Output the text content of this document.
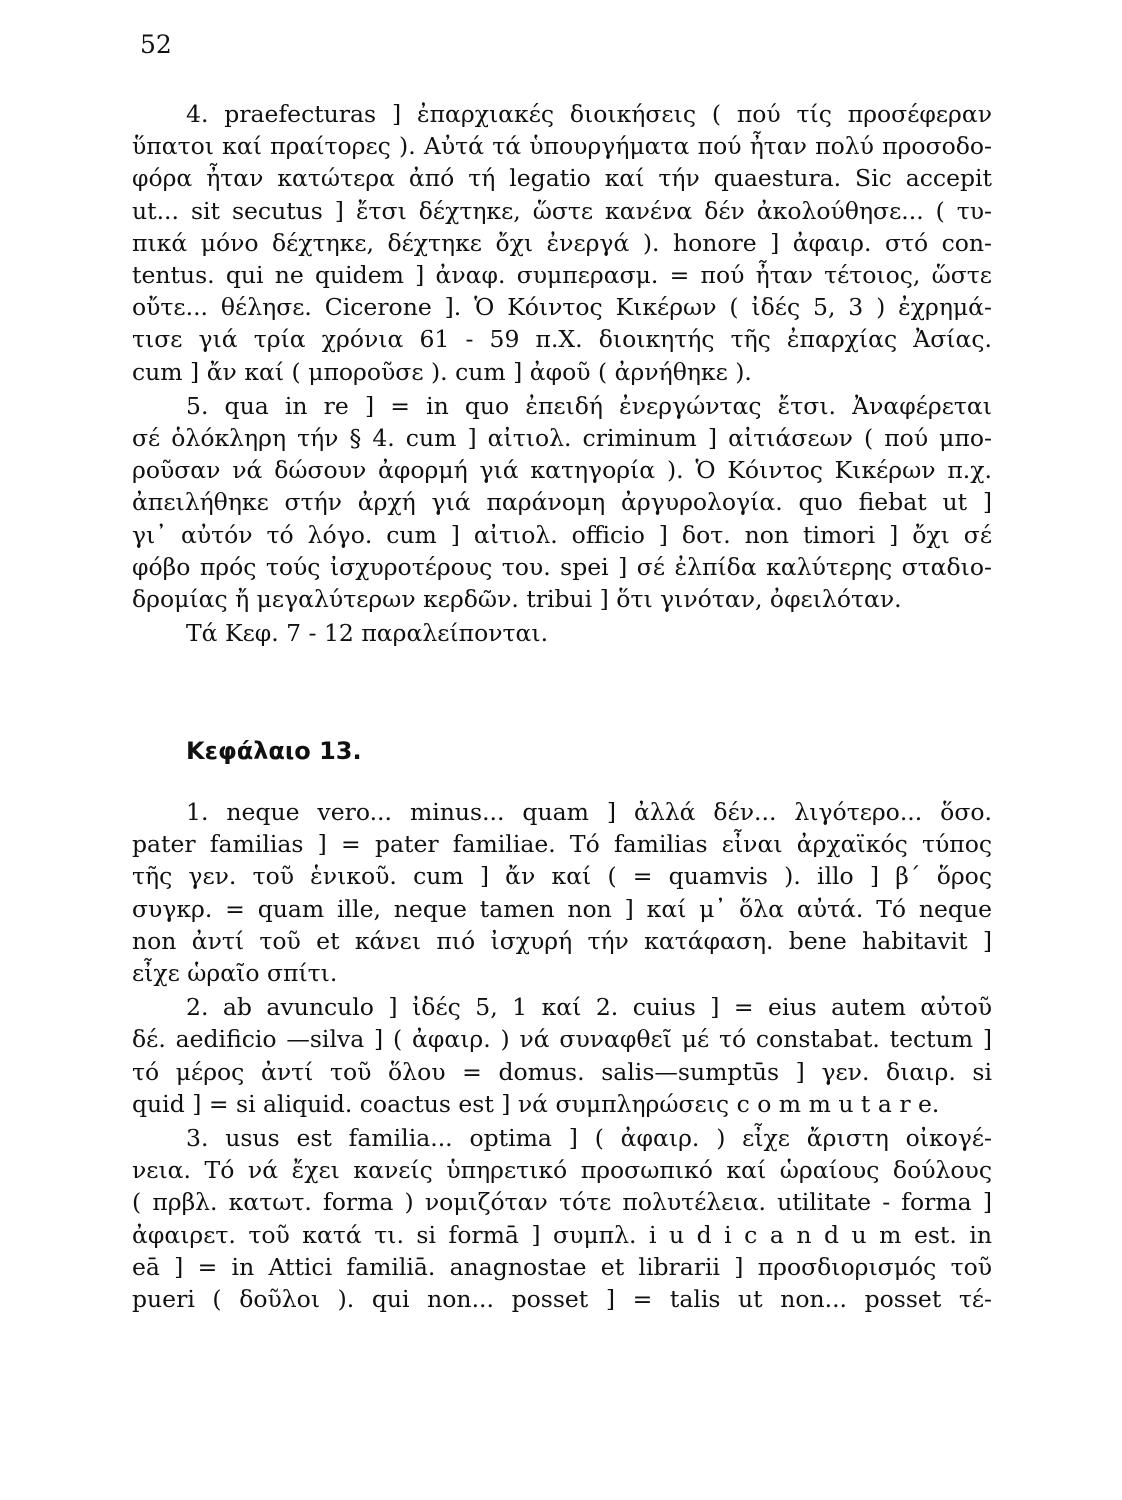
52
4. praefecturas ] ἐπαρχιακές διοικήσεις ( πού τίς προσέφεραν
ὕπατοι καί πραίτορες ). Αὐτά τά ὑπουργήματα πού ἦταν πολύ προσοδο-
φόρα ἦταν κατώτερα ἀπό τή legatio καί τήν quaestura. Sic accepit
ut... sit secutus ] ἔτσι δέχτηκε, ὥστε κανένα δέν ἀκολούθησε... ( τυ-
πικά μόνο δέχτηκε, δέχτηκε ὄχι ἐνεργά ). honore ] ἀφαιρ. στό con-
tentus. qui ne quidem ] ἀναφ. συμπερασμ. = πού ἦταν τέτοιος, ὥστε
οὔτε... θέλησε. Cicerone ]. Ὁ Κόιντος Κικέρων ( ἰδές 5, 3 ) ἐχρημά-
τισε γιά τρία χρόνια 61 - 59 π.Χ. διοικητής τῆς ἐπαρχίας Ἀσίας.
cum ] ἄν καί ( μποροῦσε ). cum ] ἀφοῦ ( ἀρνήθηκε ).
5. qua in re ] = in quo ἐπειδή ἐνεργώντας ἔτσι. Ἀναφέρεται
σέ ὁλόκληρη τήν § 4. cum ] αἰτιολ. criminum ] αἰτιάσεων ( πού μπο-
ροῦσαν νά δώσουν ἀφορμή γιά κατηγορία ). Ὁ Κόιντος Κικέρων π.χ.
ἀπειλήθηκε στήν ἀρχή γιά παράνομη ἀργυρολογία. quo fiebat ut ]
γι᾽ αὐτόν τό λόγο. cum ] αἰτιολ. officio ] δοτ. non timori ] ὄχι σέ
φόβο πρός τούς ἰσχυροτέρους του. spei ] σέ ἐλπίδα καλύτερης σταδιο-
δρομίας ἤ μεγαλύτερων κερδῶν. tribui ] ὅτι γινόταν, ὀφειλόταν.
Τά Κεφ. 7 - 12 παραλείπονται.
Κεφάλαιο 13.
1. neque vero... minus... quam ] ἀλλά δέν... λιγότερο... ὅσο.
pater familias ] = pater familiae. Τό familias εἶναι ἀρχαϊκός τύπος
τῆς γεν. τοῦ ἑνικοῦ. cum ] ἄν καί ( = quamvis ). illo ] β΄ ὅρος
συγκρ. = quam ille, neque tamen non ] καί μ᾽ ὅλα αὐτά. Τό neque
non ἀντί τοῦ et κάνει πιό ἰσχυρή τήν κατάφαση. bene habitavit ]
εἶχε ὡραῖο σπίτι.
2. ab avunculo ] ἰδές 5, 1 καί 2. cuius ] = eius autem αὐτοῦ
δέ. aedificio —silva ] ( ἀφαιρ. ) νά συναφθεῖ μέ τό constabat. tectum ]
τό μέρος ἀντί τοῦ ὅλου = domus. salis—sumptūs ] γεν. διαιρ. si
quid ] = si aliquid. coactus est ] νά συμπληρώσεις c o m m u t a r e.
3. usus est familia... optima ] ( ἀφαιρ. ) εἶχε ἄριστη οἰκογέ-
νεια. Τό νά ἔχει κανείς ὑπηρετικό προσωπικό καί ὡραίους δούλους
( πρβλ. κατωτ. forma ) νομιζόταν τότε πολυτέλεια. utilitate - forma ]
ἀφαιρετ. τοῦ κατά τι. si formā ] συμπλ. i u d i c a n d u m est. in
eā ] = in Attici familiā. anagnostae et librarii ] προσδιορισμός τοῦ
pueri ( δοῦλοι ). qui non... posset ] = talis ut non... posset τέ-
